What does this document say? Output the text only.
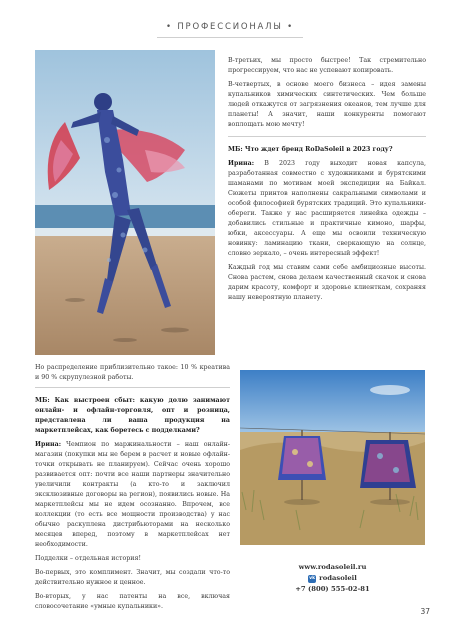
• ПРОФЕССИОНАЛЫ •

В-третьих, мы просто быстрее! Так стремительно прогрессируем, что нас не успевают копировать.

В-четвертых, в основе моего бизнеса – идея замены купальников химических синтетических. Чем больше людей откажутся от загрязнения океанов, тем лучше для планеты! А значит, наши конкуренты помогают воплощать мою мечту!

МБ: Что ждет бренд RoDaSoleil в 2023 году?

Ирина: В 2023 году выходит новая капсула, разработанная совместно с художниками и бурятскими шаманами по мотивам моей экспедиции на Байкал. Сюжеты принтов наполнены сакральными символами и особой философией бурятских традиций. Это купальники-обереги. Также у нас расширяется линейка одежды – добавились стильные и практичные кимоно, шарфы, юбки, аксессуары. А еще мы освоили техническую новинку: ламинацию ткани, сверкающую на солнце, словно зеркало, – очень интересный эффект!

Каждый год мы ставим сами себе амбициозные высоты. Снова растем, снова делаем качественный скачок и снова дарим красоту, комфорт и здоровье клиенткам, сохраняя нашу невероятную планету.

Но распределение приблизительно такое: 10 % креатива и 90 % скрупулезной работы.

МБ: Как выстроен сбыт: какую долю занимают онлайн- и офлайн-торговля, опт и розница, представлена ли ваша продукция на маркетплейсах, как боретесь с подделками?

Ирина: Чемпион по маржинальности – наш онлайн-магазин (покупки мы не берем в расчет и новые офлайн-точки открывать не планируем). Сейчас очень хорошо развивается опт: почти все наши партнеры значительно увеличили контракты (а кто-то и заключил эксклюзивные договоры на регион), появились новые. На маркетплейсы мы не идем осознанно. Впрочем, все коллекции (то есть все мощности производства) у нас обычно раскуплена дистрибьюторами на несколько месяцев вперед, поэтому в маркетплейсах нет необходимости.

Подделки – отдельная история!

Во-первых, это комплимент. Значит, мы создали что-то действительно нужное и ценное.

Во-вторых, у нас патенты на все, включая словосочетание «умные купальники».

www.rodasoleil.ru
vk rodasoleil
+7 (800) 555-02-81
37
